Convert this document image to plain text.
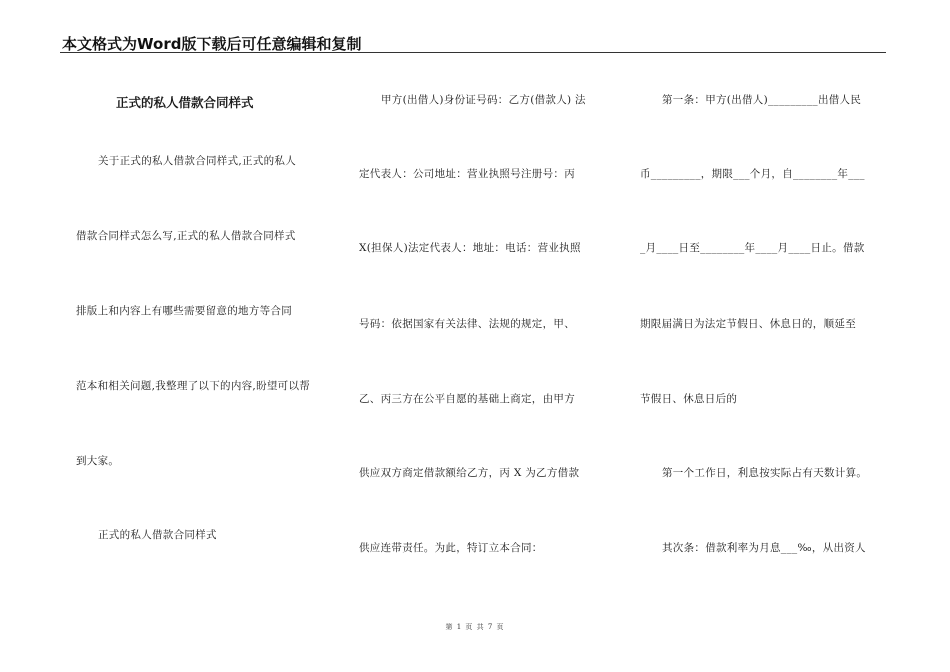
本文格式为Word版下载后可任意编辑和复制
正式的私人借款合同样式
关于正式的私人借款合同样式,正式的私人
借款合同样式怎么写,正式的私人借款合同样式
排版上和内容上有哪些需要留意的地方等合同
范本和相关问题,我整理了以下的内容,盼望可以帮
到大家。
正式的私人借款合同样式
甲方(出借人)身份证号码：乙方(借款人) 法
定代表人：公司地址：营业执照号注册号：丙
X(担保人)法定代表人：地址：电话：营业执照
号码：依据国家有关法律、法规的规定，甲、
乙、丙三方在公平自愿的基础上商定，由甲方
供应双方商定借款额给乙方，丙 X 为乙方借款
供应连带责任。为此，特订立本合同：
第一条：甲方(出借人)_________出借人民
币_________，期限___个月，自________年___
_月____日至________年____月____日止。借款
期限届满日为法定节假日、休息日的，顺延至
节假日、休息日后的
第一个工作日，利息按实际占有天数计算。
其次条：借款利率为月息___‰，从出资人
第 1 页 共 7 页
